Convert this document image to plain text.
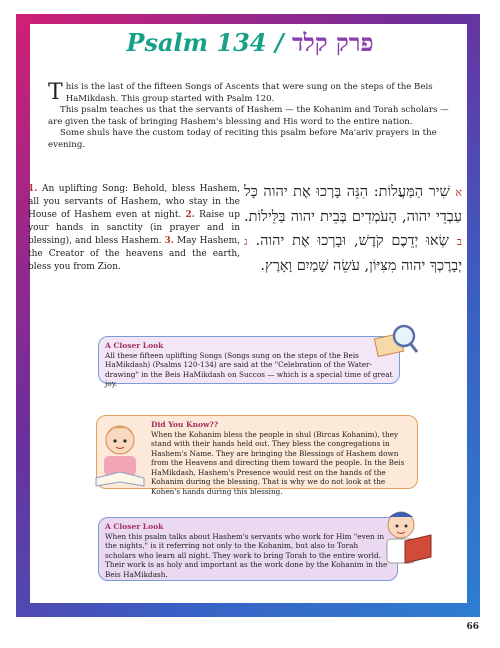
Psalm 134 / פרק קלד

This is the last of the fifteen Songs of Ascents that were sung on the steps of the Beis HaMikdash. This group started with Psalm 120.

This psalm teaches us that the servants of Hashem — the Kohanim and Torah scholars — are given the task of bringing Hashem's blessing and His word to the entire nation.

Some shuls have the custom today of reciting this psalm before Ma'ariv prayers in the evening.

1. An uplifting Song: Behold, bless Hashem, all you servants of Hashem, who stay in the House of Hashem even at night. 2. Raise up your hands in sanctity (in prayer and in blessing), and bless Hashem. 3. May Hashem, the Creator of the heavens and the earth, bless you from Zion.
א שִׁיר הַמַּעֲלוֹת: הִנֵּה בָּרְכוּ אֶת יהוה כָּל עַבְדֵי יהוה, הָעֹמְדִים בְּבֵית יהוה בַּלֵּילוֹת. ב שְׂאוּ יְדֵכֶם קֹדֶשׁ, וּבָרְכוּ אֶת יהוה. ג יְבָרֶכְךָ יהוה מִצִּיּוֹן, עֹשֵׂה שָׁמַיִם וָאָרֶץ.

A Closer Look

All these fifteen uplifting Songs (Songs sung on the steps of the Beis HaMikdash) (Psalms 120-134) are said at the "Celebration of the Water-drawing" in the Beis HaMikdash on Succos — which is a special time of great joy.

Did You Know??

When the Kohanim bless the people in shul (Bircas Kohanim), they stand with their hands held out. They bless the congregations in Hashem's Name. They are bringing the Blessings of Hashem down from the Heavens and directing them toward the people. In the Beis HaMikdash, Hashem's Presence would rest on the hands of the Kohanim during the blessing. That is why we do not look at the Kohen's hands during this blessing.

A Closer Look

When this psalm talks about Hashem's servants who work for Him "even in the nights," is it referring not only to the Kohanim, but also to Torah scholars who learn all night. They work to bring Torah to the entire world. Their work is as holy and important as the work done by the Kohanim in the Beis HaMikdash.

66
